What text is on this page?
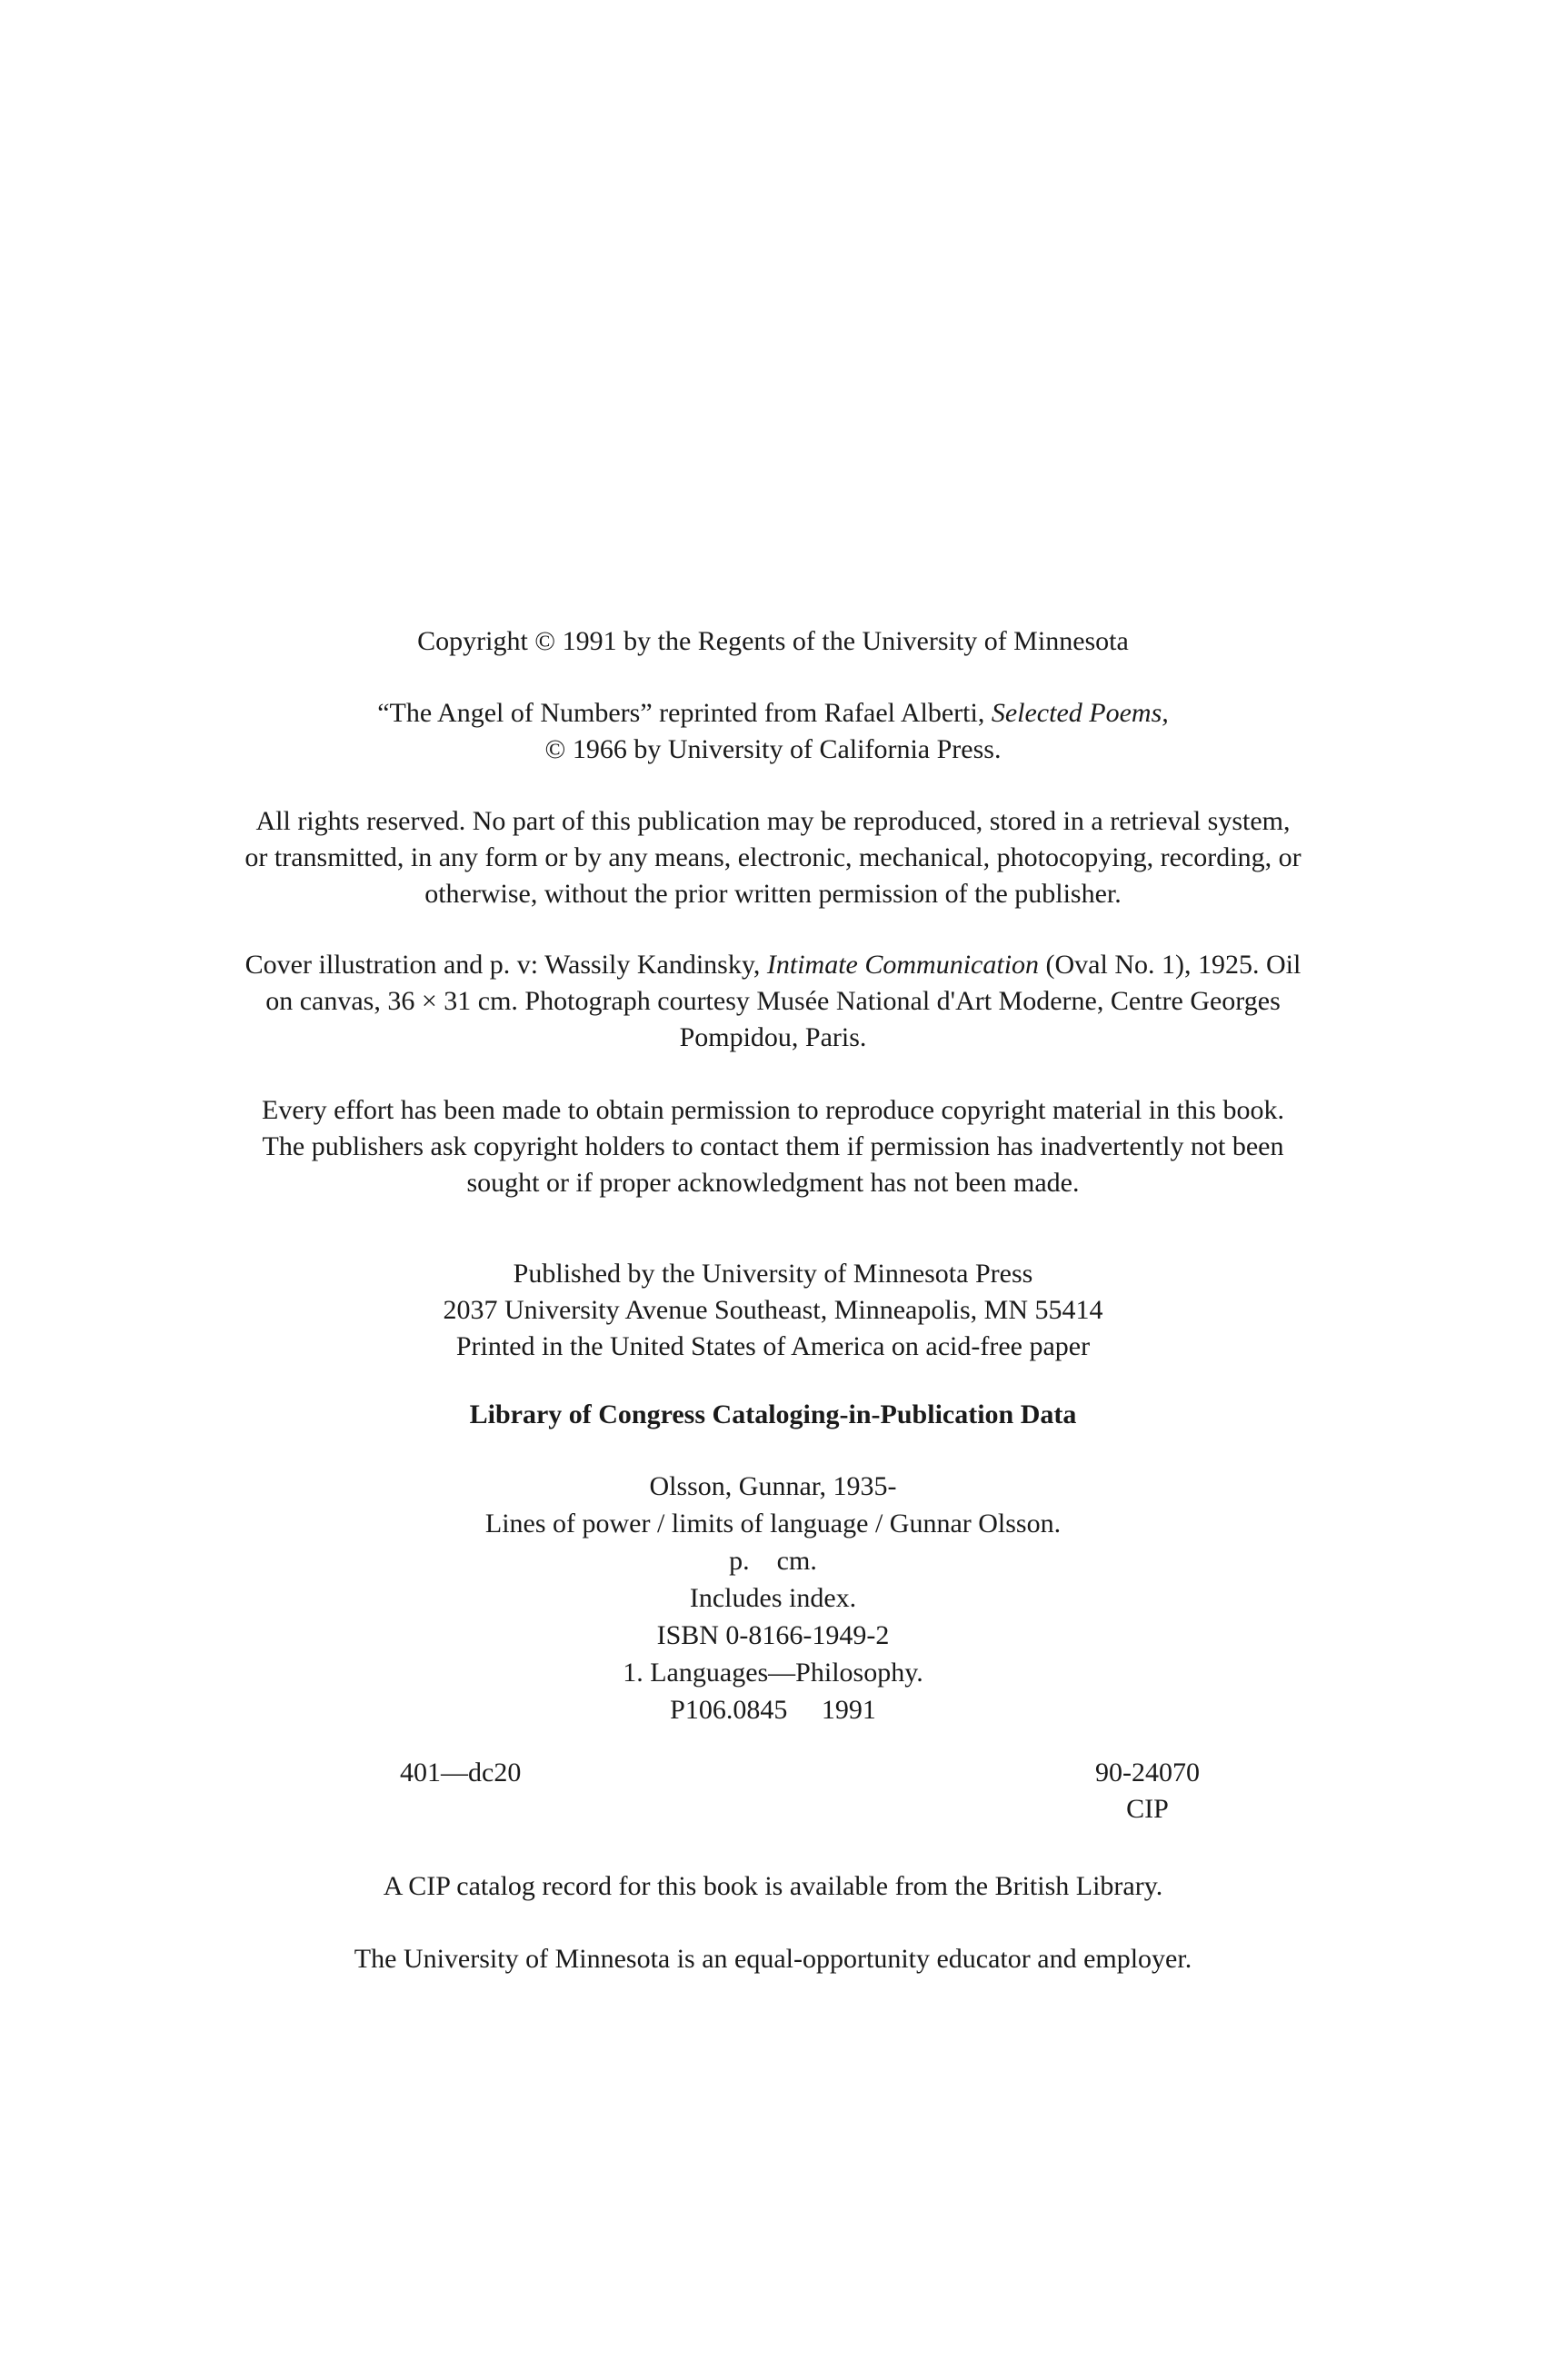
Copyright © 1991 by the Regents of the University of Minnesota
“The Angel of Numbers” reprinted from Rafael Alberti, Selected Poems,
© 1966 by University of California Press.
All rights reserved. No part of this publication may be reproduced, stored in a retrieval system,
or transmitted, in any form or by any means, electronic, mechanical, photocopying, recording, or
otherwise, without the prior written permission of the publisher.
Cover illustration and p. v: Wassily Kandinsky, Intimate Communication (Oval No. 1), 1925. Oil
on canvas, 36 × 31 cm. Photograph courtesy Musée National d'Art Moderne, Centre Georges
Pompidou, Paris.
Every effort has been made to obtain permission to reproduce copyright material in this book.
The publishers ask copyright holders to contact them if permission has inadvertently not been
sought or if proper acknowledgment has not been made.
Published by the University of Minnesota Press
2037 University Avenue Southeast, Minneapolis, MN 55414
Printed in the United States of America on acid-free paper
Library of Congress Cataloging-in-Publication Data
Olsson, Gunnar, 1935-
Lines of power / limits of language / Gunnar Olsson.
p.    cm.
Includes index.
ISBN 0-8166-1949-2
1. Languages—Philosophy.
P106.0845     1991
401—dc20	90-24070
CIP
A CIP catalog record for this book is available from the British Library.
The University of Minnesota is an equal-opportunity educator and employer.
